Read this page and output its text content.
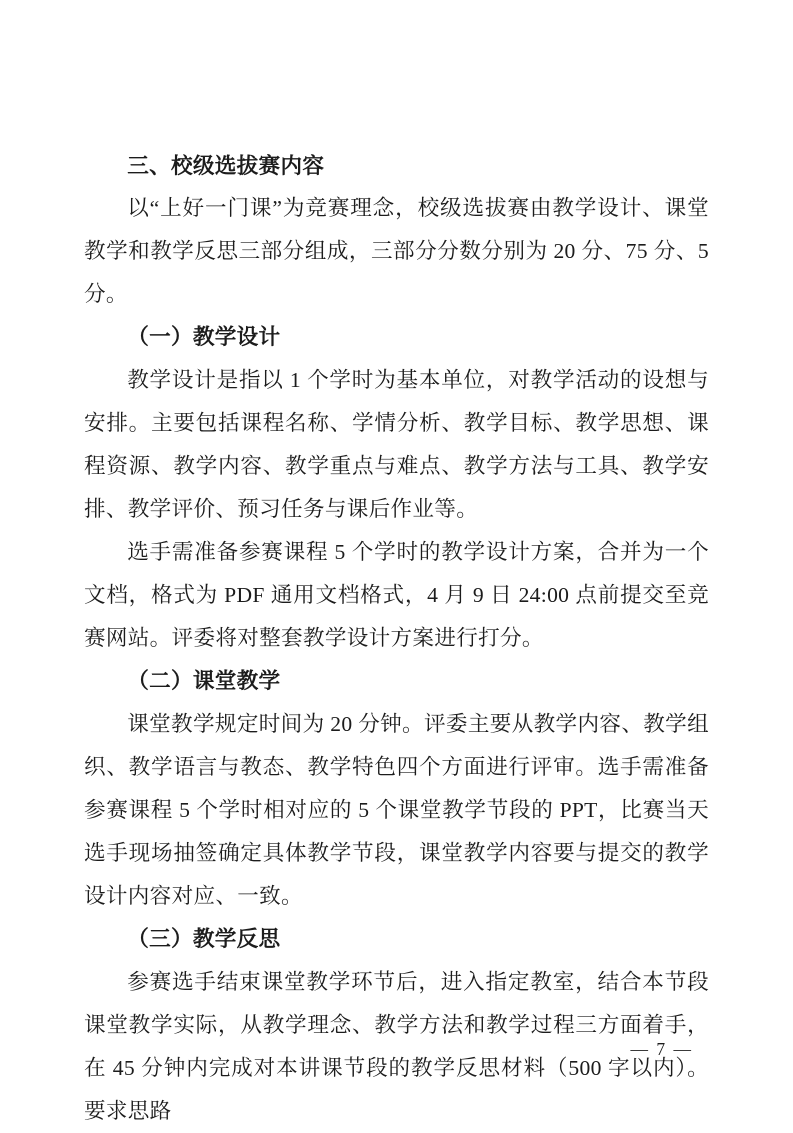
三、校级选拔赛内容

以“上好一门课”为竞赛理念，校级选拔赛由教学设计、课堂教学和教学反思三部分组成，三部分分数分别为 20 分、75 分、5 分。

（一）教学设计

教学设计是指以 1 个学时为基本单位，对教学活动的设想与安排。主要包括课程名称、学情分析、教学目标、教学思想、课程资源、教学内容、教学重点与难点、教学方法与工具、教学安排、教学评价、预习任务与课后作业等。

选手需准备参赛课程 5 个学时的教学设计方案，合并为一个文档，格式为 PDF 通用文档格式，4 月 9 日 24:00 点前提交至竞赛网站。评委将对整套教学设计方案进行打分。

（二）课堂教学

课堂教学规定时间为 20 分钟。评委主要从教学内容、教学组织、教学语言与教态、教学特色四个方面进行评审。选手需准备参赛课程 5 个学时相对应的 5 个课堂教学节段的 PPT，比赛当天选手现场抽签确定具体教学节段，课堂教学内容要与提交的教学设计内容对应、一致。

（三）教学反思

参赛选手结束课堂教学环节后，进入指定教室，结合本节段课堂教学实际，从教学理念、教学方法和教学过程三方面着手，在 45 分钟内完成对本讲课节段的教学反思材料（500 字以内）。要求思路

— 7 —
